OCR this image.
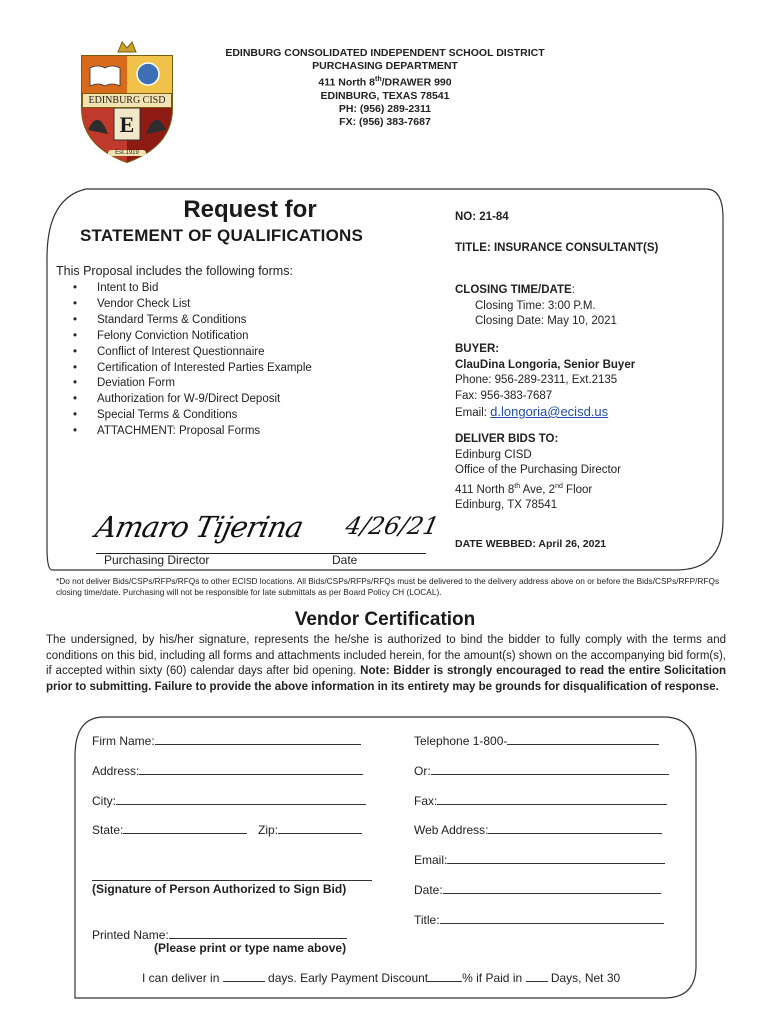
EDINBURG CISD
E
Est.1919
EDINBURG CONSOLIDATED INDEPENDENT SCHOOL DISTRICT
PURCHASING DEPARTMENT
411 North 8th/DRAWER 990
EDINBURG, TEXAS 78541
PH: (956) 289-2311
FX: (956) 383-7687
Request for
STATEMENT OF QUALIFICATIONS
This Proposal includes the following forms:
• Intent to Bid
• Vendor Check List
• Standard Terms & Conditions
• Felony Conviction Notification
• Conflict of Interest Questionnaire
• Certification of Interested Parties Example
• Deviation Form
• Authorization for W-9/Direct Deposit
• Special Terms & Conditions
• ATTACHMENT: Proposal Forms
NO: 21-84
TITLE: INSURANCE CONSULTANT(S)
CLOSING TIME/DATE:
Closing Time: 3:00 P.M.
Closing Date: May 10, 2021
BUYER:
ClauDina Longoria, Senior Buyer
Phone: 956-289-2311, Ext.2135
Fax: 956-383-7687
Email: d.longoria@ecisd.us
DELIVER BIDS TO:
Edinburg CISD
Office of the Purchasing Director
411 North 8th Ave, 2nd Floor
Edinburg, TX 78541
Amaro Tijerina 4/26/21
Purchasing Director	Date
DATE WEBBED: April 26, 2021
*Do not deliver Bids/CSPs/RFPs/RFQs to other ECISD locations. All Bids/CSPs/RFPs/RFQs must be delivered to the delivery address above on or before the Bids/CSPs/RFP/RFQs closing time/date. Purchasing will not be responsible for late submittals as per Board Policy CH (LOCAL).
Vendor Certification
The undersigned, by his/her signature, represents the he/she is authorized to bind the bidder to fully comply with the terms and conditions on this bid, including all forms and attachments included herein, for the amount(s) shown on the accompanying bid form(s), if accepted within sixty (60) calendar days after bid opening. Note: Bidder is strongly encouraged to read the entire Solicitation prior to submitting. Failure to provide the above information in its entirety may be grounds for disqualification of response.
Firm Name:
Address:
City:
State:	Zip:
(Signature of Person Authorized to Sign Bid)
Printed Name:
(Please print or type name above)
Telephone 1-800-
Or:
Fax:
Web Address:
Email:
Date:
Title:
I can deliver in	days. Early Payment Discount	% if Paid in  Days, Net 30
